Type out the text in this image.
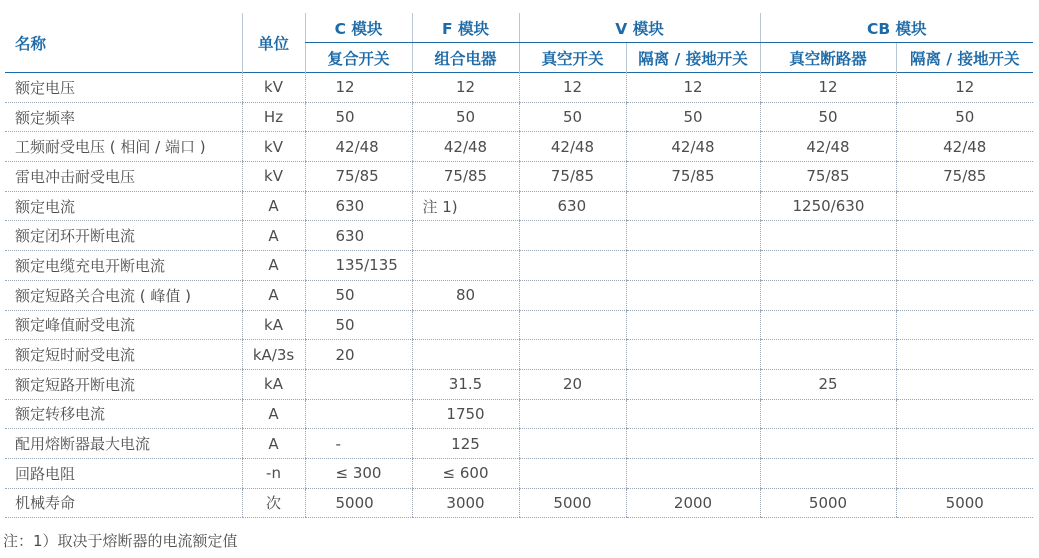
名称	单位	C 模块	F 模块	V 模块		CB 模块	
		复合开关	组合电器	真空开关	隔离 / 接地开关	真空断路器	隔离 / 接地开关
额定电压	kV	12	12	12	12	12	12
额定频率	Hz	50	50	50	50	50	50
工频耐受电压 ( 相间 / 端口 )	kV	42/48	42/48	42/48	42/48	42/48	42/48
雷电冲击耐受电压	kV	75/85	75/85	75/85	75/85	75/85	75/85
额定电流	A	630	注 1)	630		1250/630	
额定闭环开断电流	A	630					
额定电缆充电开断电流	A	135/135					
额定短路关合电流 ( 峰值 )	A	50	80				
额定峰值耐受电流	kA	50					
额定短时耐受电流	kA/3s	20					
额定短路开断电流	kA		31.5	20		25	
额定转移电流	A		1750				
配用熔断器最大电流	A	-	125				
回路电阻	-n	≤ 300	≤ 600				
机械寿命	次	5000	3000	5000	2000	5000	5000
注：1）取决于熔断器的电流额定值
